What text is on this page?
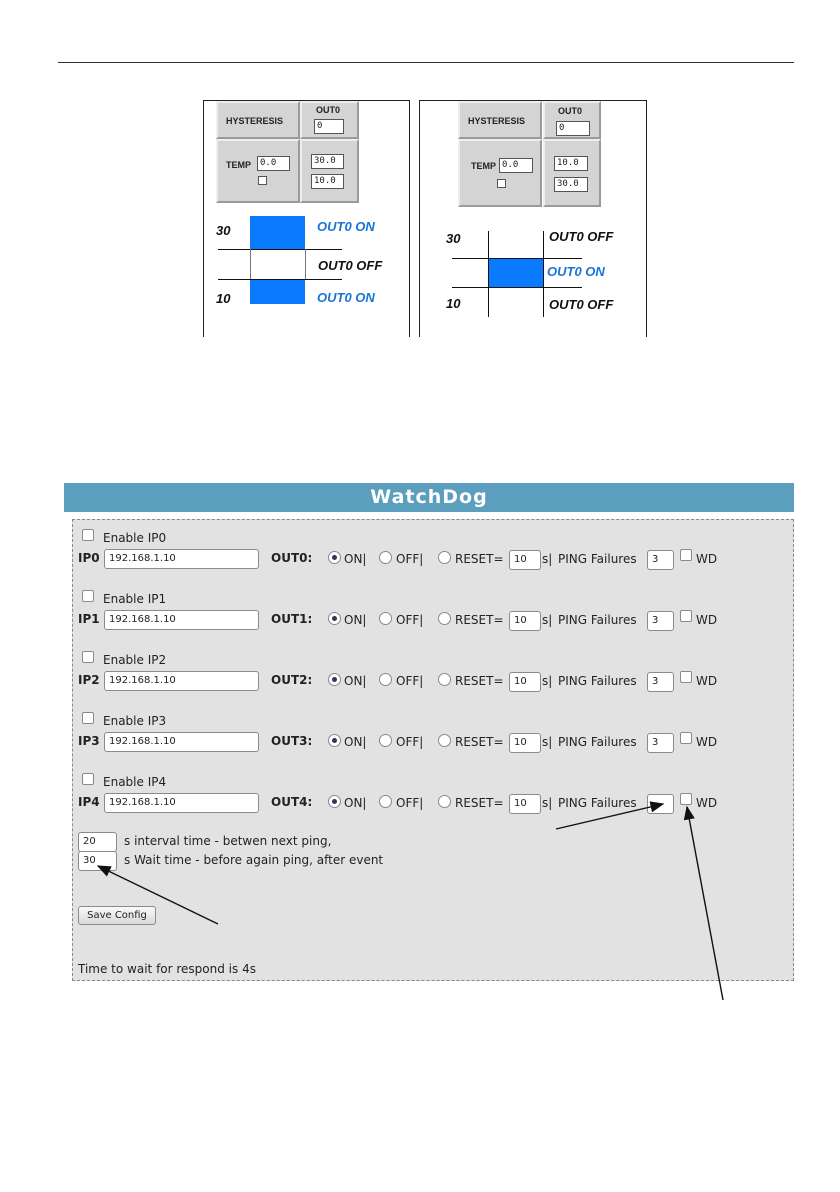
HYSTERESIS
OUT0
0
TEMP 0.0	30.0
10.0
30
10
OUT0 ON
OUT0 OFF
OUT0 ON
HYSTERESIS
OUT0
0
TEMP 0.0	10.0
30.0
30
10
OUT0 OFF
OUT0 ON
OUT0 OFF
WatchDog
Enable IP0
IP0 192.168.1.10	OUT0:	ON| OFF|	RESET=	10	s| PING Failures	3	WD
Enable IP1
IP1 192.168.1.10	OUT1:	ON| OFF|	RESET=	10	s| PING Failures	3	WD
Enable IP2
IP2 192.168.1.10	OUT2:	ON| OFF|	RESET=	10	s| PING Failures	3	WD
Enable IP3
IP3 192.168.1.10	OUT3:	ON| OFF|	RESET=	10	s| PING Failures	3	WD
Enable IP4
IP4 192.168.1.10	OUT4:	ON| OFF|	RESET=	10	s| PING Failures	WD
20	s interval time - betwen next ping,
30	s Wait time - before again ping, after event
Save Config
Time to wait for respond is 4s
